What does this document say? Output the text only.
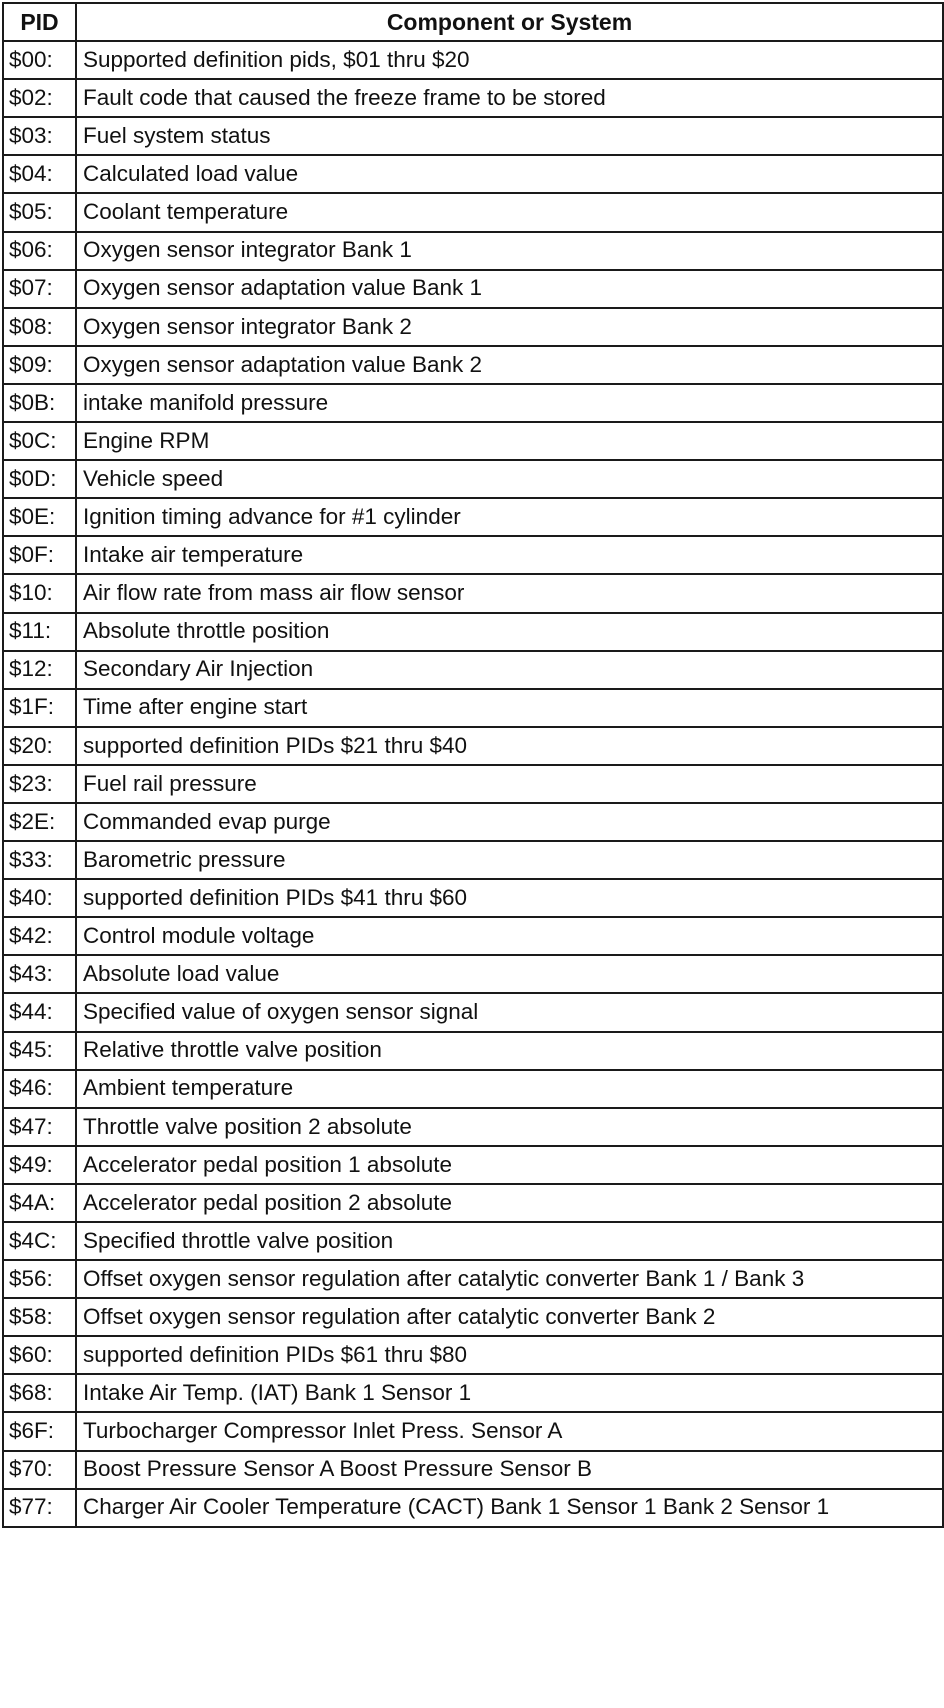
PID	Component or System
$00:	Supported definition pids, $01 thru $20
$02:	Fault code that caused the freeze frame to be stored
$03:	Fuel system status
$04:	Calculated load value
$05:	Coolant temperature
$06:	Oxygen sensor integrator Bank 1
$07:	Oxygen sensor adaptation value Bank 1
$08:	Oxygen sensor integrator Bank 2
$09:	Oxygen sensor adaptation value Bank 2
$0B:	intake manifold pressure
$0C:	Engine RPM
$0D:	Vehicle speed
$0E:	Ignition timing advance for #1 cylinder
$0F:	Intake air temperature
$10:	Air flow rate from mass air flow sensor
$11:	Absolute throttle position
$12:	Secondary Air Injection
$1F:	Time after engine start
$20:	supported definition PIDs $21 thru $40
$23:	Fuel rail pressure
$2E:	Commanded evap purge
$33:	Barometric pressure
$40:	supported definition PIDs $41 thru $60
$42:	Control module voltage
$43:	Absolute load value
$44:	Specified value of oxygen sensor signal
$45:	Relative throttle valve position
$46:	Ambient temperature
$47:	Throttle valve position 2 absolute
$49:	Accelerator pedal position 1 absolute
$4A:	Accelerator pedal position 2 absolute
$4C:	Specified throttle valve position
$56:	Offset oxygen sensor regulation after catalytic converter Bank 1 / Bank 3
$58:	Offset oxygen sensor regulation after catalytic converter Bank 2
$60:	supported definition PIDs $61 thru $80
$68:	Intake Air Temp. (IAT) Bank 1 Sensor 1
$6F:	Turbocharger Compressor Inlet Press. Sensor A
$70:	Boost Pressure Sensor A Boost Pressure Sensor B
$77:	Charger Air Cooler Temperature (CACT) Bank 1 Sensor 1 Bank 2 Sensor 1
